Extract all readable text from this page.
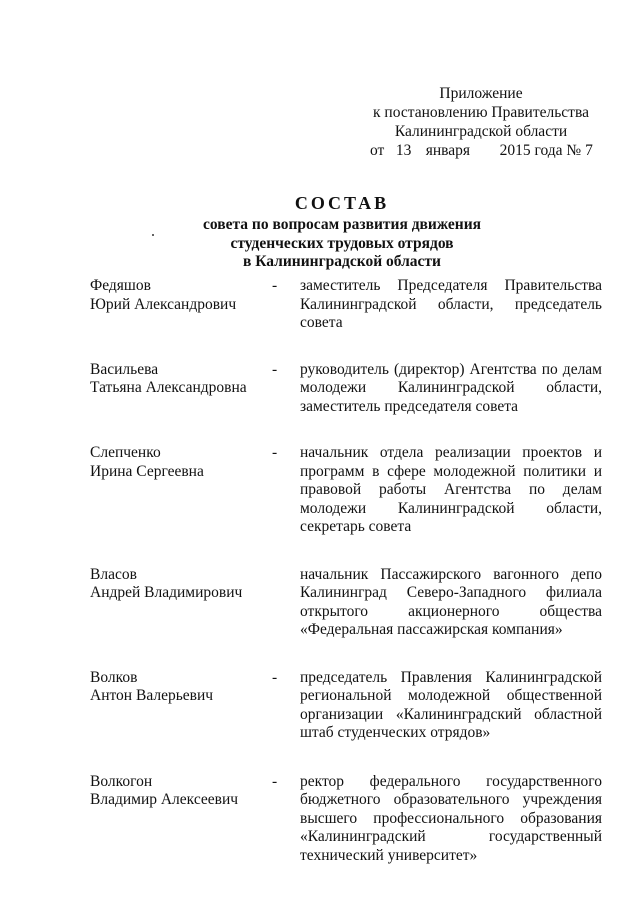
Приложение
к постановлению Правительства
Калининградской области
от 13 января 2015 года № 7
СОСТАВ
совета по вопросам развития движения
студенческих трудовых отрядов
в Калининградской области
Федяшов
Юрий Александрович
-	заместитель Председателя Правительства Калининградской области, председатель совета
Васильева
Татьяна Александровна
-	руководитель (директор) Агентства по делам молодежи Калининградской области, заместитель председателя совета
Слепченко
Ирина Сергеевна
-	начальник отдела реализации проектов и программ в сфере молодежной политики и правовой работы Агентства по делам молодежи Калининградской области, секретарь совета
Власов
Андрей Владимирович
начальник Пассажирского вагонного депо Калининград Северо-Западного филиала открытого акционерного общества «Федеральная пассажирская компания»
Волков
Антон Валерьевич
-	председатель Правления Калининградской региональной молодежной общественной организации «Калининградский областной штаб студенческих отрядов»
Волкогон
Владимир Алексеевич
-	ректор федерального государственного бюджетного образовательного учреждения высшего профессионального образования «Калининградский государственный технический университет»
